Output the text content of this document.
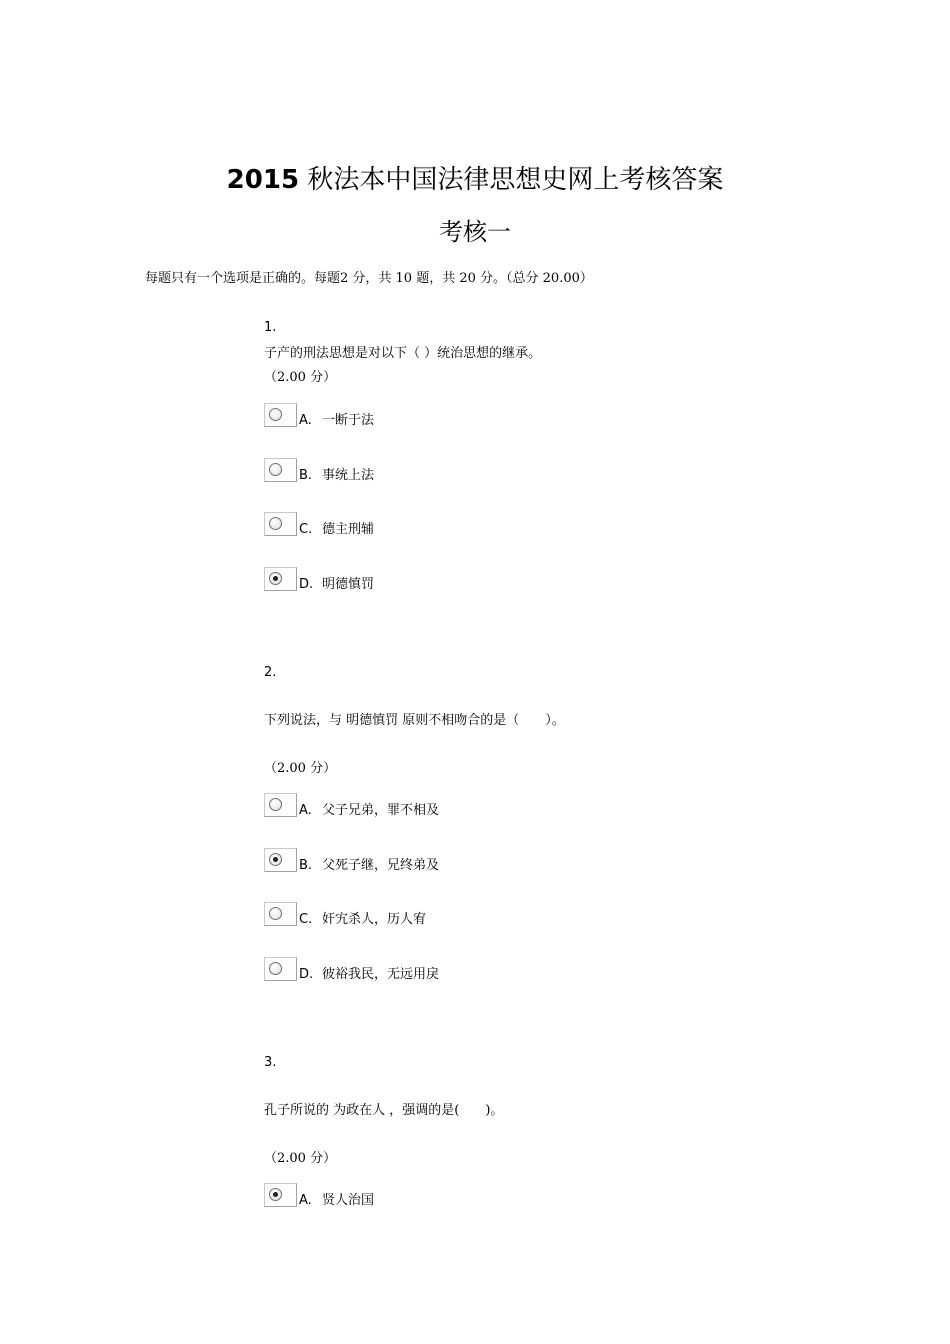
2015 秋法本中国法律思想史网上考核答案
考核一
每题只有一个选项是正确的。每题2 分，共 10 题，共 20 分。（总分 20.00）
1.
子产的刑法思想是对以下（ ）统治思想的继承。
（2.00 分）
A. 一断于法
B. 事统上法
C. 德主刑辅
D. 明德慎罚
2.
下列说法，与 明德慎罚 原则不相吻合的是（　　）。
（2.00 分）
A. 父子兄弟，罪不相及
B. 父死子继，兄终弟及
C. 奸宄杀人，历人宥
D. 彼裕我民，无远用戾
3.
孔子所说的 为政在人 ，强调的是(　　)。
（2.00 分）
A. 贤人治国
